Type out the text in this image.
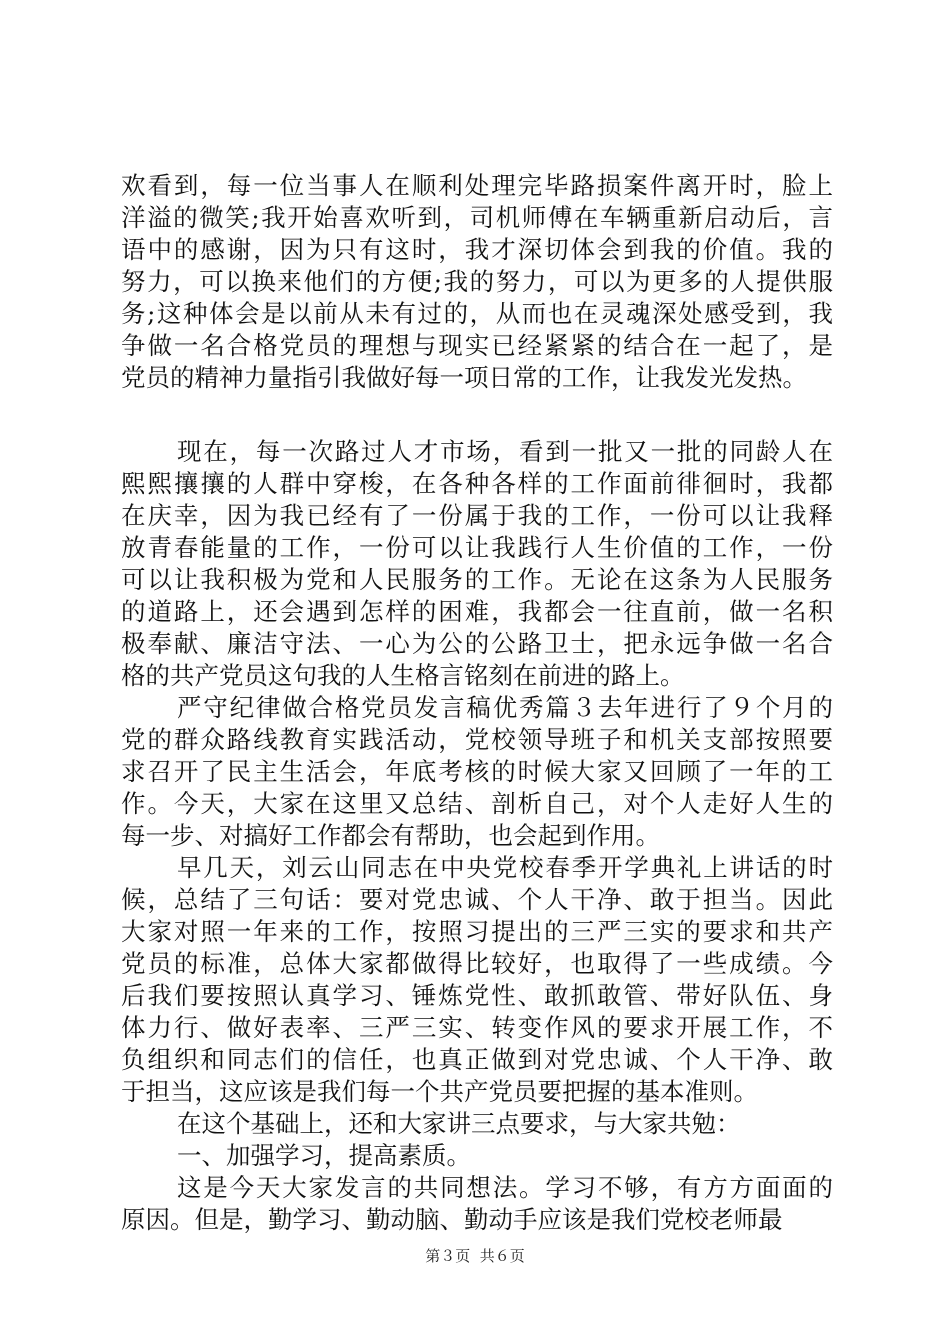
欢看到，每一位当事人在顺利处理完毕路损案件离开时，脸上
洋溢的微笑;我开始喜欢听到，司机师傅在车辆重新启动后，言
语中的感谢，因为只有这时，我才深切体会到我的价值。我的
努力，可以换来他们的方便;我的努力，可以为更多的人提供服
务;这种体会是以前从未有过的，从而也在灵魂深处感受到，我
争做一名合格党员的理想与现实已经紧紧的结合在一起了，是
党员的精神力量指引我做好每一项日常的工作，让我发光发热。
现在，每一次路过人才市场，看到一批又一批的同龄人在
熙熙攘攘的人群中穿梭，在各种各样的工作面前徘徊时，我都
在庆幸，因为我已经有了一份属于我的工作，一份可以让我释
放青春能量的工作，一份可以让我践行人生价值的工作，一份
可以让我积极为党和人民服务的工作。无论在这条为人民服务
的道路上，还会遇到怎样的困难，我都会一往直前，做一名积
极奉献、廉洁守法、一心为公的公路卫士，把永远争做一名合
格的共产党员这句我的人生格言铭刻在前进的路上。
严守纪律做合格党员发言稿优秀篇３去年进行了９个月的
党的群众路线教育实践活动，党校领导班子和机关支部按照要
求召开了民主生活会，年底考核的时候大家又回顾了一年的工
作。今天，大家在这里又总结、剖析自己，对个人走好人生的
每一步、对搞好工作都会有帮助，也会起到作用。
早几天，刘云山同志在中央党校春季开学典礼上讲话的时
候，总结了三句话：要对党忠诚、个人干净、敢于担当。因此
大家对照一年来的工作，按照习提出的三严三实的要求和共产
党员的标准，总体大家都做得比较好，也取得了一些成绩。今
后我们要按照认真学习、锤炼党性、敢抓敢管、带好队伍、身
体力行、做好表率、三严三实、转变作风的要求开展工作，不
负组织和同志们的信任，也真正做到对党忠诚、个人干净、敢
于担当，这应该是我们每一个共产党员要把握的基本准则。
在这个基础上，还和大家讲三点要求，与大家共勉：
一、加强学习，提高素质。
这是今天大家发言的共同想法。学习不够，有方方面面的
原因。但是，勤学习、勤动脑、勤动手应该是我们党校老师最
第３页  共６页
